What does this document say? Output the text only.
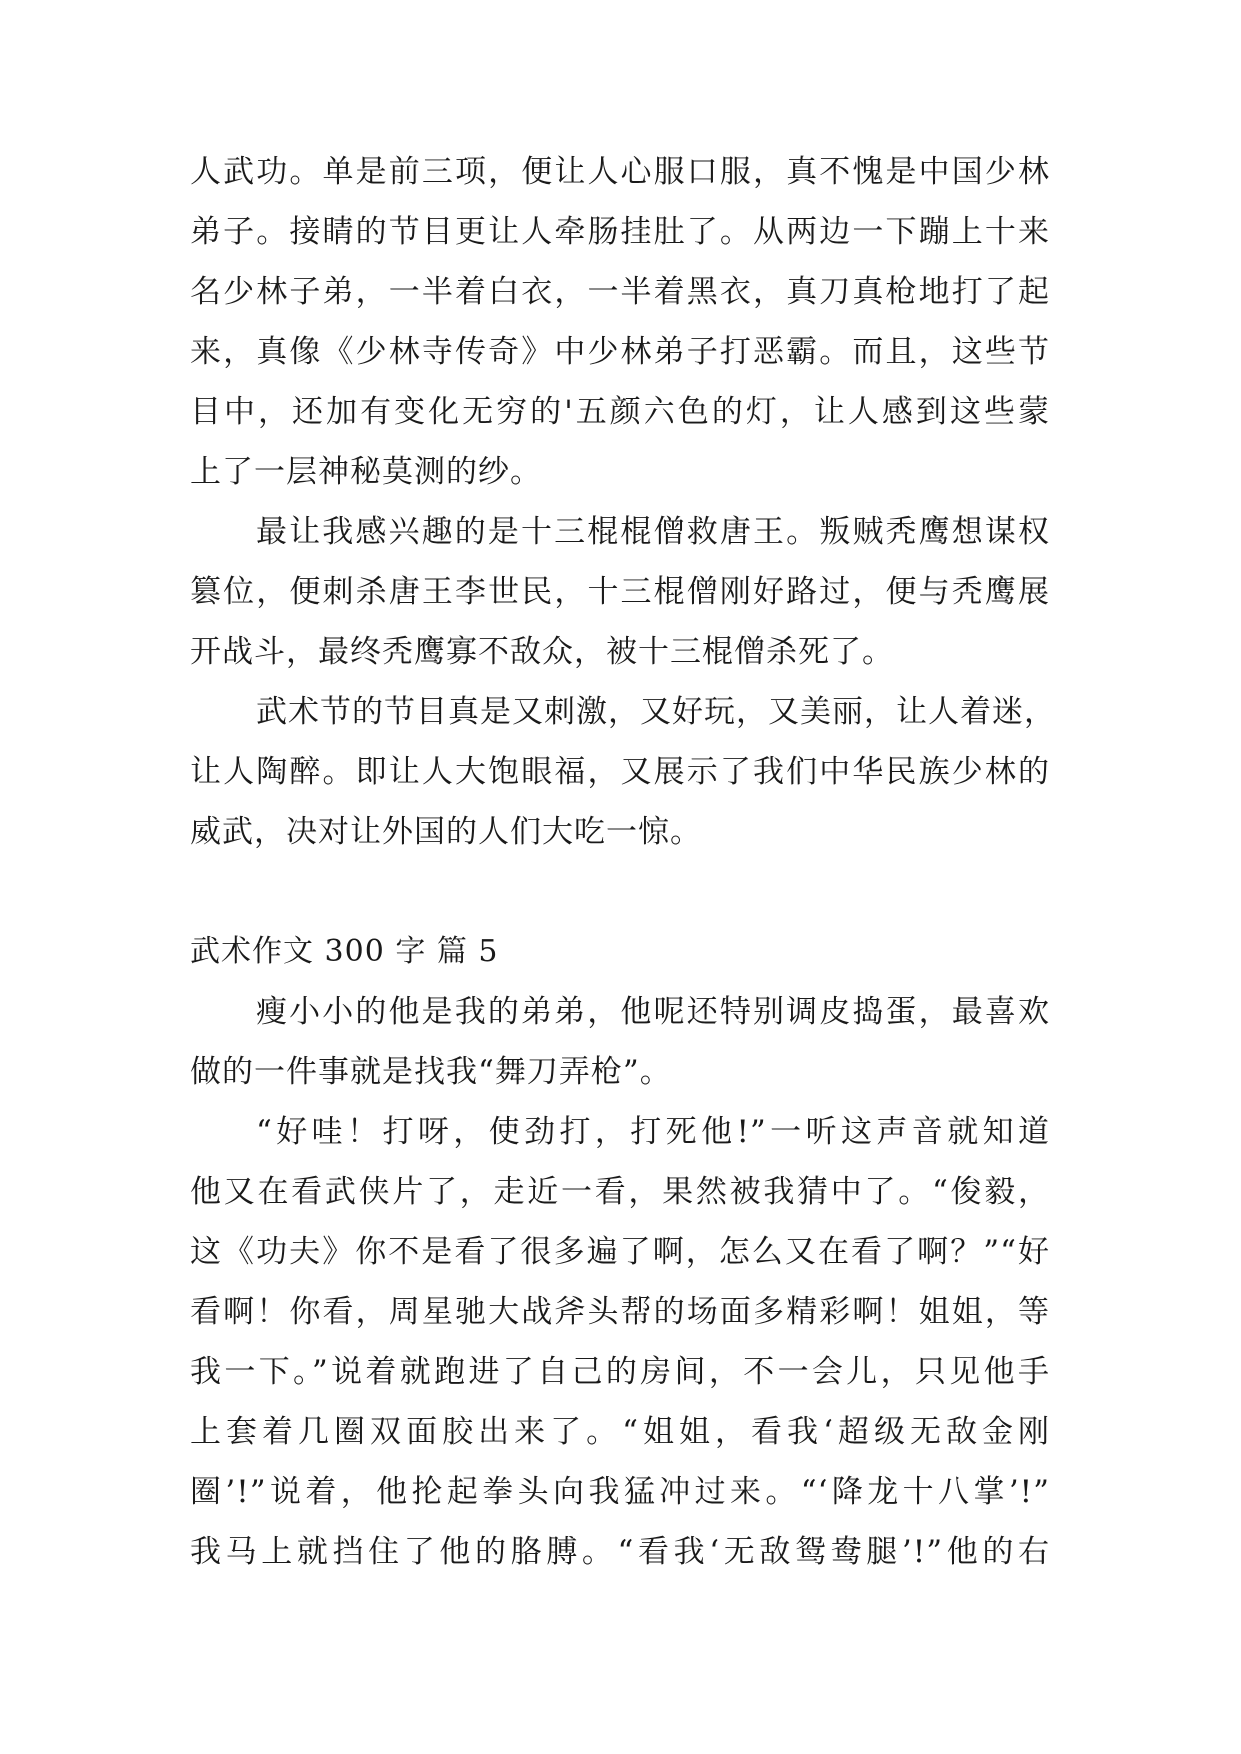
人武功。单是前三项，便让人心服口服，真不愧是中国少林
弟子。接睛的节目更让人牵肠挂肚了。从两边一下蹦上十来
名少林子弟，一半着白衣，一半着黑衣，真刀真枪地打了起
来，真像《少林寺传奇》中少林弟子打恶霸。而且，这些节
目中，还加有变化无穷的'五颜六色的灯，让人感到这些蒙
上了一层神秘莫测的纱。
最让我感兴趣的是十三棍棍僧救唐王。叛贼秃鹰想谋权
篡位，便刺杀唐王李世民，十三棍僧刚好路过，便与秃鹰展
开战斗，最终秃鹰寡不敌众，被十三棍僧杀死了。
武术节的节目真是又刺激，又好玩，又美丽，让人着迷，
让人陶醉。即让人大饱眼福，又展示了我们中华民族少林的
威武，决对让外国的人们大吃一惊。
武术作文 300 字 篇 5
瘦小小的他是我的弟弟，他呢还特别调皮捣蛋，最喜欢
做的一件事就是找我“舞刀弄枪”。
“好哇！打呀，使劲打，打死他!”一听这声音就知道
他又在看武侠片了，走近一看，果然被我猜中了。“俊毅，
这《功夫》你不是看了很多遍了啊，怎么又在看了啊？”“好
看啊！你看，周星驰大战斧头帮的场面多精彩啊！姐姐，等
我一下。”说着就跑进了自己的房间，不一会儿，只见他手
上套着几圈双面胶出来了。“姐姐，看我‘超级无敌金刚
圈’!”说着，他抡起拳头向我猛冲过来。“‘降龙十八掌’!”
我马上就挡住了他的胳膊。“看我‘无敌鸳鸯腿’!”他的右
